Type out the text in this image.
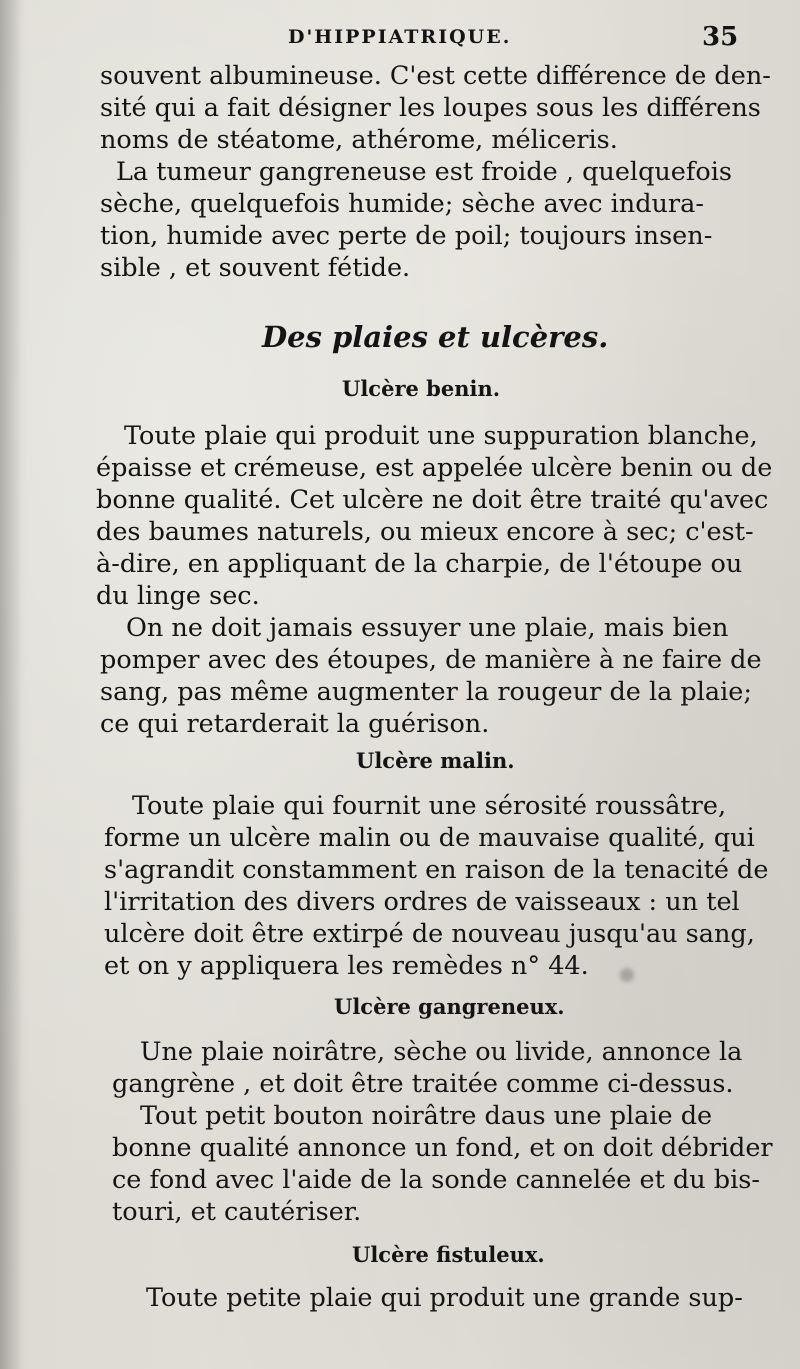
D'HIPPIATRIQUE.	35
souvent albumineuse. C'est cette différence de den-
sité qui a fait désigner les loupes sous les différens
noms de stéatome, athérome, méliceris.
La tumeur gangreneuse est froide , quelquefois
sèche, quelquefois humide; sèche avec indura-
tion, humide avec perte de poil; toujours insen-
sible , et souvent fétide.
Des plaies et ulcères.
Ulcère benin.
Toute plaie qui produit une suppuration blanche,
épaisse et crémeuse, est appelée ulcère benin ou de
bonne qualité. Cet ulcère ne doit être traité qu'avec
des baumes naturels, ou mieux encore à sec; c'est-
à-dire, en appliquant de la charpie, de l'étoupe ou
du linge sec.
On ne doit jamais essuyer une plaie, mais bien
pomper avec des étoupes, de manière à ne faire de
sang, pas même augmenter la rougeur de la plaie;
ce qui retarderait la guérison.
Ulcère malin.
Toute plaie qui fournit une sérosité roussâtre,
forme un ulcère malin ou de mauvaise qualité, qui
s'agrandit constamment en raison de la tenacité de
l'irritation des divers ordres de vaisseaux : un tel
ulcère doit être extirpé de nouveau jusqu'au sang,
et on y appliquera les remèdes n° 44.
Ulcère gangreneux.
Une plaie noirâtre, sèche ou livide, annonce la
gangrène , et doit être traitée comme ci-dessus.
Tout petit bouton noirâtre daus une plaie de
bonne qualité annonce un fond, et on doit débrider
ce fond avec l'aide de la sonde cannelée et du bis-
touri, et cautériser.
Ulcère fistuleux.
Toute petite plaie qui produit une grande sup-
